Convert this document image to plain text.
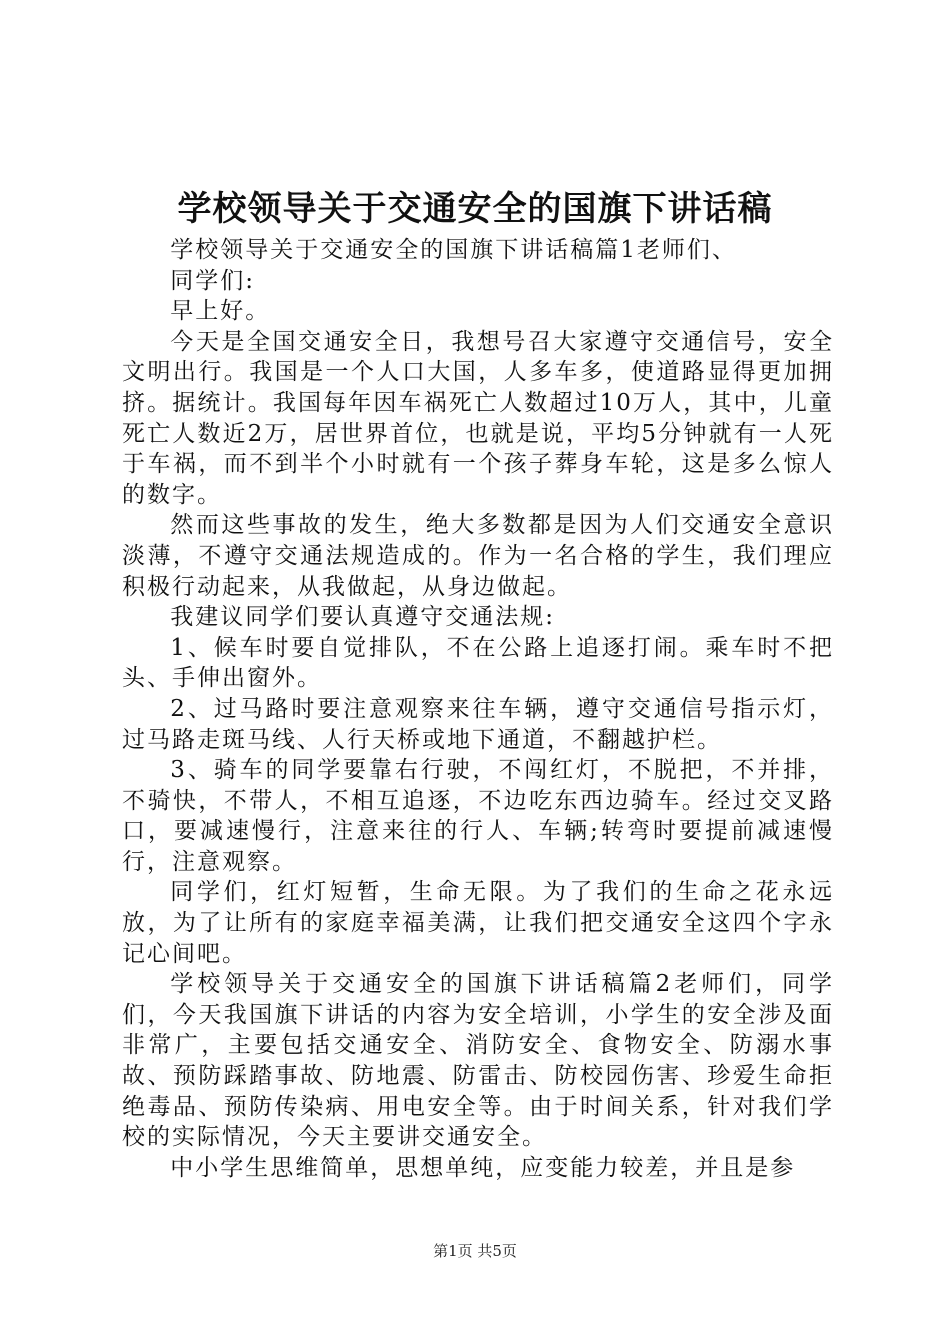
学校领导关于交通安全的国旗下讲话稿

学校领导关于交通安全的国旗下讲话稿篇1老师们、

同学们:

早上好。

今天是全国交通安全日，我想号召大家遵守交通信号，安全文明出行。我国是一个人口大国，人多车多，使道路显得更加拥挤。据统计。我国每年因车祸死亡人数超过10万人，其中，儿童死亡人数近2万，居世界首位，也就是说，平均5分钟就有一人死于车祸，而不到半个小时就有一个孩子葬身车轮，这是多么惊人的数字。

然而这些事故的发生，绝大多数都是因为人们交通安全意识淡薄，不遵守交通法规造成的。作为一名合格的学生，我们理应积极行动起来，从我做起，从身边做起。

我建议同学们要认真遵守交通法规:

1、候车时要自觉排队，不在公路上追逐打闹。乘车时不把头、手伸出窗外。

2、过马路时要注意观察来往车辆，遵守交通信号指示灯，过马路走斑马线、人行天桥或地下通道，不翻越护栏。

3、骑车的同学要靠右行驶，不闯红灯，不脱把，不并排，不骑快，不带人，不相互追逐，不边吃东西边骑车。经过交叉路口，要减速慢行，注意来往的行人、车辆;转弯时要提前减速慢行，注意观察。

同学们，红灯短暂，生命无限。为了我们的生命之花永远放，为了让所有的家庭幸福美满，让我们把交通安全这四个字永记心间吧。

学校领导关于交通安全的国旗下讲话稿篇2老师们，同学们，今天我国旗下讲话的内容为安全培训，小学生的安全涉及面非常广，主要包括交通安全、消防安全、食物安全、防溺水事故、预防踩踏事故、防地震、防雷击、防校园伤害、珍爱生命拒绝毒品、预防传染病、用电安全等。由于时间关系，针对我们学校的实际情况，今天主要讲交通安全。

中小学生思维简单，思想单纯，应变能力较差，并且是参

第1页 共5页
